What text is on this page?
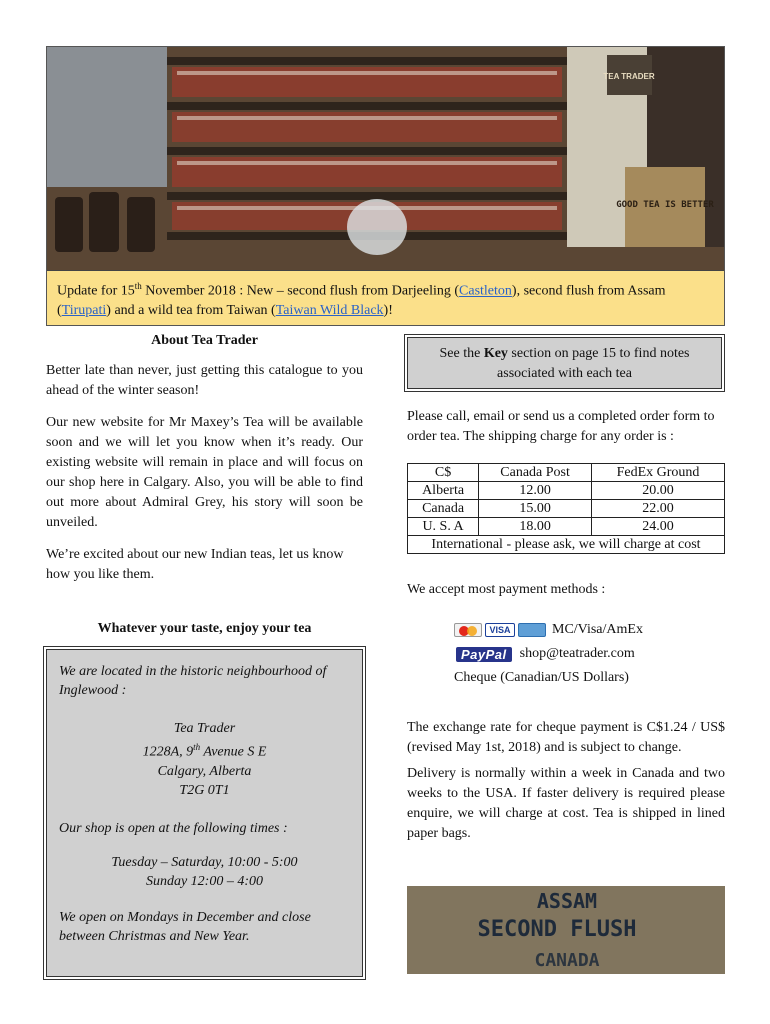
TEA TRADER
GOOD TEA IS BETTER
Update for 15th November 2018 : New – second flush from Darjeeling (Castleton), second flush from Assam (Tirupati) and a wild tea from Taiwan (Taiwan Wild Black)!
About Tea Trader

Better late than never, just getting this catalogue to you ahead of the winter season!

Our new website for Mr Maxey’s Tea will be available soon and we will let you know when it’s ready. Our existing website will remain in place and will focus on our shop here in Calgary. Also, you will be able to find out more about Admiral Grey, his story will soon be unveiled.

We’re excited about our new Indian teas, let us know how you like them.

Whatever your taste, enjoy your tea
We are located in the historic neighbourhood of Inglewood :
Tea Trader
1228A, 9th Avenue S E
Calgary, Alberta
T2G 0T1
Our shop is open at the following times :
Tuesday – Saturday, 10:00 - 5:00
Sunday 12:00 – 4:00
We open on Mondays in December and close between Christmas and New Year.
See the Key section on page 15 to find notes associated with each tea

Please call, email or send us a completed order form to order tea. The shipping charge for any order is :

C$	Canada Post	FedEx Ground
Alberta	12.00	20.00
Canada	15.00	22.00
U. S. A	18.00	24.00
International - please ask, we will charge at cost		

We accept most payment methods :

VISA	MC/Visa/AmEx
PayPal shop@teatrader.com
Cheque (Canadian/US Dollars)

The exchange rate for cheque payment is C$1.24 / US$ (revised May 1st, 2018) and is subject to change.

Delivery is normally within a week in Canada and two weeks to the USA. If faster delivery is required please enquire, we will charge at cost. Tea is shipped in lined paper bags.

ASSAM
SECOND FLUSH
CANADA
